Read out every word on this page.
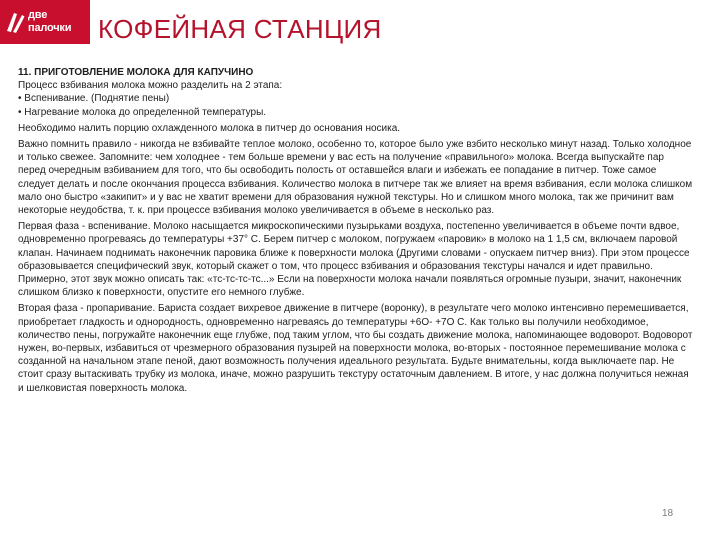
две
палочки КОФЕЙНАЯ СТАНЦИЯ

11. ПРИГОТОВЛЕНИЕ МОЛОКА ДЛЯ КАПУЧИНО

Процесс взбивания молока можно разделить на 2 этапа:

• Вспенивание. (Поднятие пены)
• Нагревание молока до определенной температуры.

Необходимо налить порцию охлажденного молока в питчер до основания носика.

Важно помнить правило - никогда не взбивайте теплое молоко, особенно то, которое было уже взбито несколько минут назад. Только холодное и только свежее. Запомните: чем холоднее - тем больше времени у вас есть на получение «правильного» молока. Всегда выпускайте пар перед очередным взбиванием для того, что бы освободить полость от оставшейся влаги и избежать ее попадание в питчер. Тоже самое следует делать и после окончания процесса взбивания. Количество молока в питчере так же влияет на время взбивания, если молока слишком мало оно быстро «закипит» и у вас не хватит времени для образования нужной текстуры. Но и слишком много молока, так же причинит вам некоторые неудобства, т. к. при процессе взбивания молоко увеличивается в объеме в несколько раз.

Первая фаза - вспенивание. Молоко насыщается микроскопическими пузырьками воздуха, постепенно увеличивается в объеме почти вдвое, одновременно прогреваясь до температуры +37° С. Берем питчер с молоком, погружаем «паровик» в молоко на 1 1,5 см, включаем паровой клапан. Начинаем поднимать наконечник паровика ближе к поверхности молока (Другими словами - опускаем питчер вниз). При этом процессе образовывается специфический звук, который скажет о том, что процесс взбивания и образования текстуры начался и идет правильно. Примерно, этот звук можно описать так: «тс-тс-тс-тс...» Если на поверхности молока начали появляться огромные пузыри, значит, наконечник слишком близко к поверхности, опустите его немного глубже.

Вторая фаза - пропаривание. Бариста создает вихревое движение в питчере (воронку), в результате чего молоко интенсивно перемешивается, приобретает гладкость и однородность, одновременно нагреваясь до температуры +6О- +7О С. Как только вы получили необходимое, количество пены, погружайте наконечник еще глубже, под таким углом, что бы создать движение молока, напоминающее водоворот. Водоворот нужен, во-первых, избавиться от чрезмерного образования пузырей на поверхности молока, во-вторых - постоянное перемешивание молока с созданной на начальном этапе пеной, дают возможность получения идеального результата. Будьте внимательны, когда выключаете пар. Не стоит сразу вытаскивать трубку из молока, иначе, можно разрушить текстуру остаточным давлением. В итоге, у нас должна получиться нежная и шелковистая поверхность молока.

18
